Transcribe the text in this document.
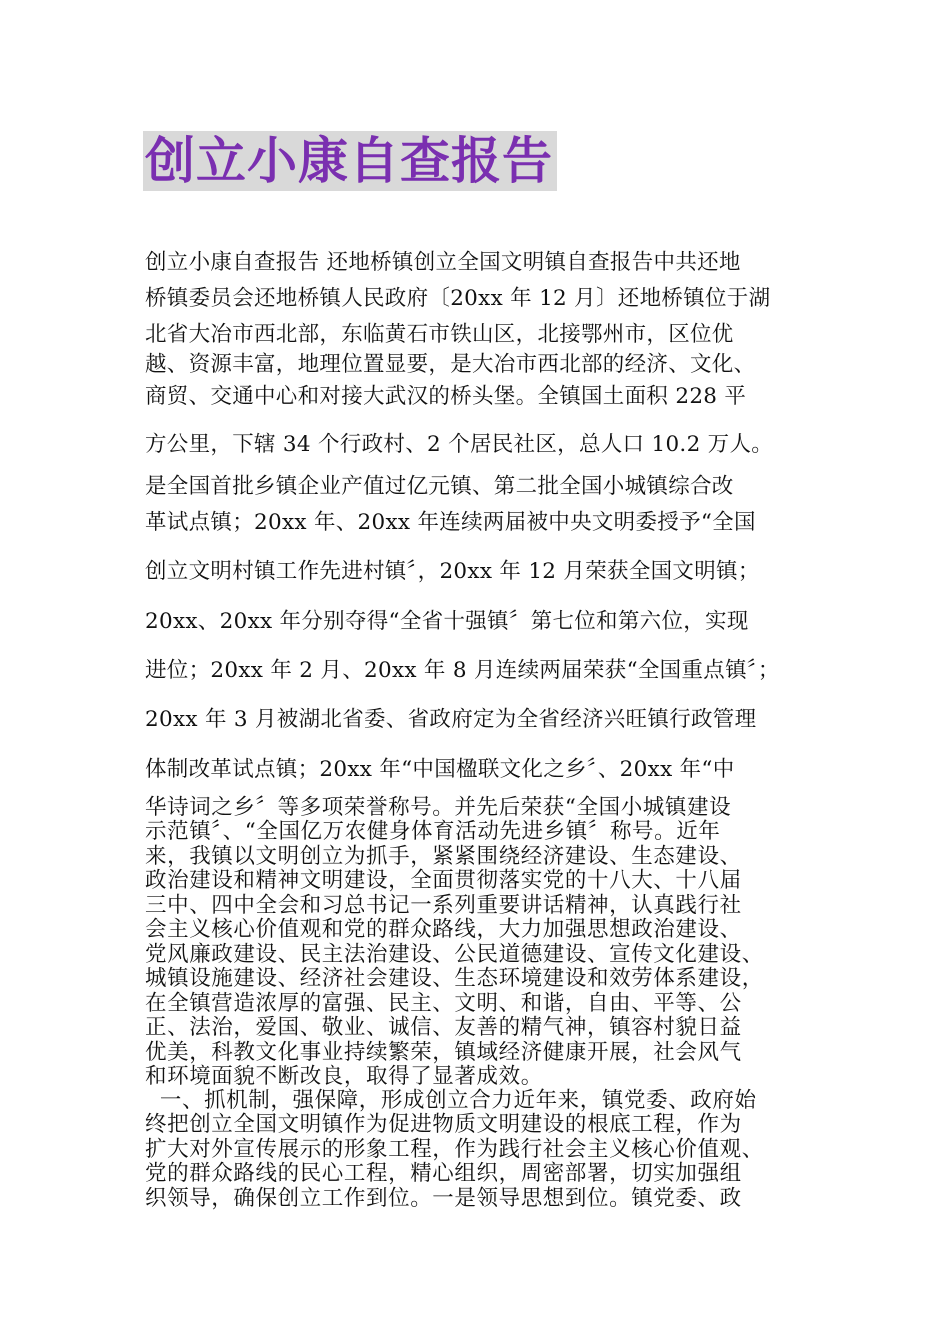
创立小康自查报告
创立小康自查报告 还地桥镇创立全国文明镇自查报告中共还地
桥镇委员会还地桥镇人民政府〔20xx 年 12 月〕还地桥镇位于湖
北省大冶市西北部，东临黄石市铁山区，北接鄂州市，区位优
越、资源丰富，地理位置显要，是大冶市西北部的经济、文化、
商贸、交通中心和对接大武汉的桥头堡。全镇国土面积 228 平
方公里，下辖 34 个行政村、2 个居民社区，总人口 10.2 万人。
是全国首批乡镇企业产值过亿元镇、第二批全国小城镇综合改
革试点镇；20xx 年、20xx 年连续两届被中央文明委授予“全国
创立文明村镇工作先进村镇〞，20xx 年 12 月荣获全国文明镇；
20xx、20xx 年分别夺得“全省十强镇〞第七位和第六位，实现
进位；20xx 年 2 月、20xx 年 8 月连续两届荣获“全国重点镇〞；
20xx 年 3 月被湖北省委、省政府定为全省经济兴旺镇行政管理
体制改革试点镇；20xx 年“中国楹联文化之乡〞、20xx 年“中
华诗词之乡〞等多项荣誉称号。并先后荣获“全国小城镇建设
示范镇〞、“全国亿万农健身体育活动先进乡镇〞称号。近年
来，我镇以文明创立为抓手，紧紧围绕经济建设、生态建设、
政治建设和精神文明建设，全面贯彻落实党的十八大、十八届
三中、四中全会和习总书记一系列重要讲话精神，认真践行社
会主义核心价值观和党的群众路线，大力加强思想政治建设、
党风廉政建设、民主法治建设、公民道德建设、宣传文化建设、
城镇设施建设、经济社会建设、生态环境建设和效劳体系建设，
在全镇营造浓厚的富强、民主、文明、和谐，自由、平等、公
正、法治，爱国、敬业、诚信、友善的精气神，镇容村貌日益
优美，科教文化事业持续繁荣，镇域经济健康开展，社会风气
和环境面貌不断改良，取得了显著成效。
一、抓机制，强保障，形成创立合力近年来，镇党委、政府始
终把创立全国文明镇作为促进物质文明建设的根底工程，作为
扩大对外宣传展示的形象工程，作为践行社会主义核心价值观、
党的群众路线的民心工程，精心组织，周密部署，切实加强组
织领导，确保创立工作到位。一是领导思想到位。镇党委、政
